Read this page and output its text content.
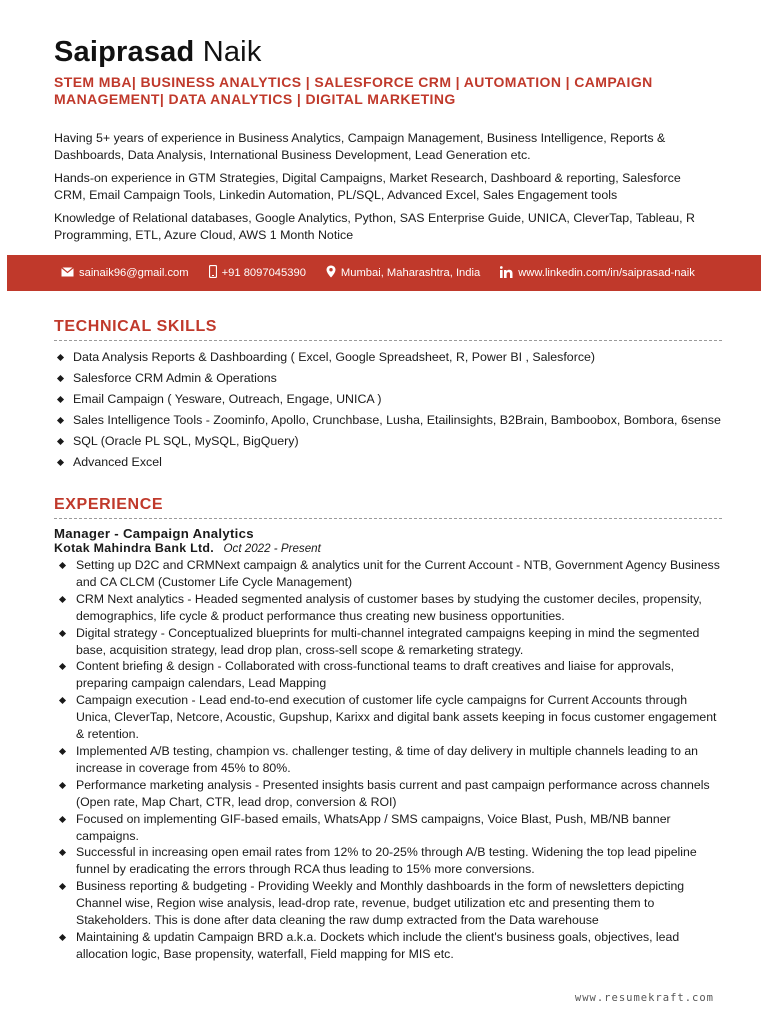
Saiprasad Naik
STEM MBA| BUSINESS ANALYTICS | SALESFORCE CRM | AUTOMATION | CAMPAIGN MANAGEMENT| DATA ANALYTICS | DIGITAL MARKETING

Having 5+ years of experience in Business Analytics, Campaign Management, Business Intelligence, Reports & Dashboards, Data Analysis, International Business Development, Lead Generation etc.

Hands-on experience in GTM Strategies, Digital Campaigns, Market Research, Dashboard & reporting, Salesforce CRM, Email Campaign Tools, Linkedin Automation, PL/SQL, Advanced Excel, Sales Engagement tools

Knowledge of Relational databases, Google Analytics, Python, SAS Enterprise Guide, UNICA, CleverTap, Tableau, R Programming, ETL, Azure Cloud, AWS 1 Month Notice

sainaik96@gmail.com	+91 8097045390	Mumbai, Maharashtra, India	www.linkedin.com/in/saiprasad-naik
TECHNICAL SKILLS
Data Analysis Reports & Dashboarding ( Excel, Google Spreadsheet, R, Power BI , Salesforce)
Salesforce CRM Admin & Operations
Email Campaign ( Yesware, Outreach, Engage, UNICA )
Sales Intelligence Tools - Zoominfo, Apollo, Crunchbase, Lusha, Etailinsights, B2Brain, Bamboobox, Bombora, 6sense
SQL (Oracle PL SQL, MySQL, BigQuery)
Advanced Excel
EXPERIENCE
Manager - Campaign Analytics
Kotak Mahindra Bank Ltd. Oct 2022 - Present
Setting up D2C and CRMNext campaign & analytics unit for the Current Account - NTB, Government Agency Business and CA CLCM (Customer Life Cycle Management)
CRM Next analytics - Headed segmented analysis of customer bases by studying the customer deciles, propensity, demographics, life cycle & product performance thus creating new business opportunities.
Digital strategy - Conceptualized blueprints for multi-channel integrated campaigns keeping in mind the segmented base, acquisition strategy, lead drop plan, cross-sell scope & remarketing strategy.
Content briefing & design - Collaborated with cross-functional teams to draft creatives and liaise for approvals, preparing campaign calendars, Lead Mapping
Campaign execution - Lead end-to-end execution of customer life cycle campaigns for Current Accounts through Unica, CleverTap, Netcore, Acoustic, Gupshup, Karixx and digital bank assets keeping in focus customer engagement & retention.
Implemented A/B testing, champion vs. challenger testing, & time of day delivery in multiple channels leading to an increase in coverage from 45% to 80%.
Performance marketing analysis - Presented insights basis current and past campaign performance across channels (Open rate, Map Chart, CTR, lead drop, conversion & ROI)
Focused on implementing GIF-based emails, WhatsApp / SMS campaigns, Voice Blast, Push, MB/NB banner campaigns.
Successful in increasing open email rates from 12% to 20-25% through A/B testing. Widening the top lead pipeline funnel by eradicating the errors through RCA thus leading to 15% more conversions.
Business reporting & budgeting - Providing Weekly and Monthly dashboards in the form of newsletters depicting Channel wise, Region wise analysis, lead-drop rate, revenue, budget utilization etc and presenting them to Stakeholders. This is done after data cleaning the raw dump extracted from the Data warehouse
Maintaining & updatin Campaign BRD a.k.a. Dockets which include the client's business goals, objectives, lead allocation logic, Base propensity, waterfall, Field mapping for MIS etc.
www.resumekraft.com
